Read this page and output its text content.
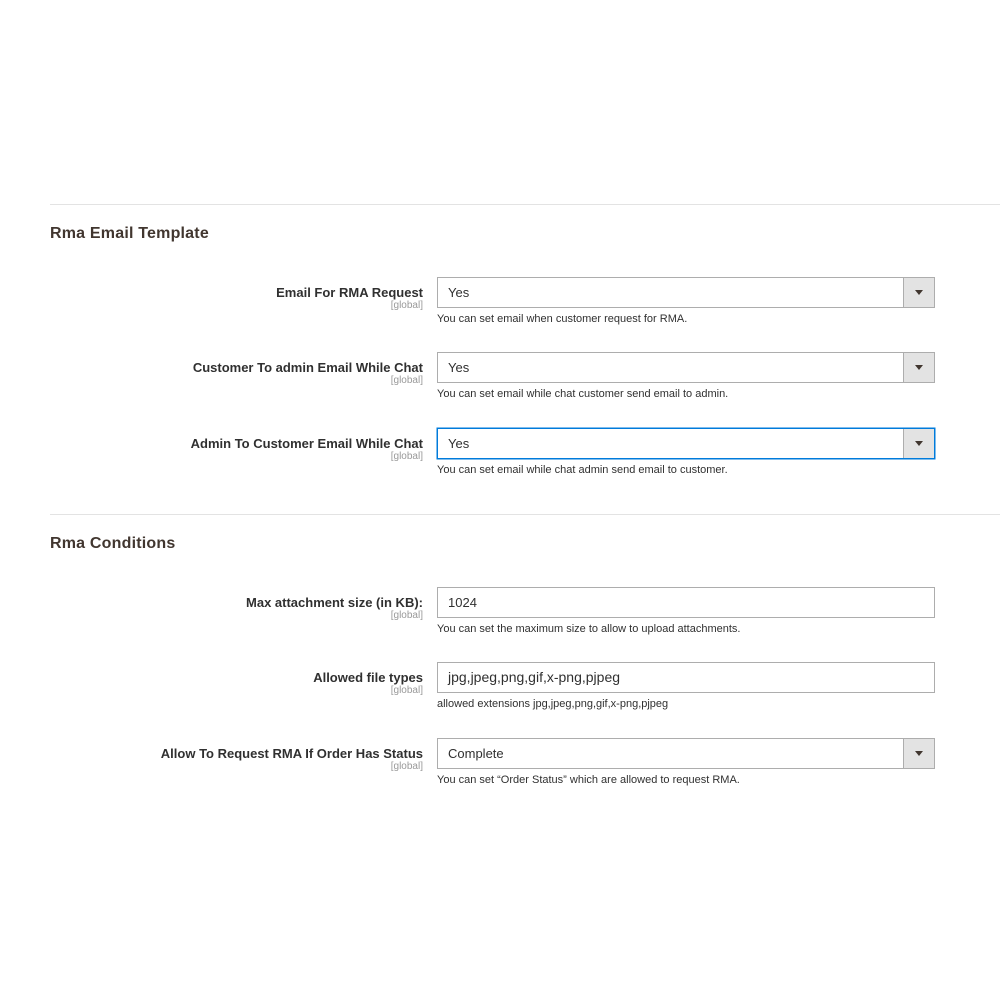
Rma Email Template
Email For RMA Request
[global]
Yes
You can set email when customer request for RMA.
Customer To admin Email While Chat
[global]
Yes
You can set email while chat customer send email to admin.
Admin To Customer Email While Chat
[global]
Yes
You can set email while chat admin send email to customer.
Rma Conditions
Max attachment size (in KB):
[global]
1024
You can set the maximum size to allow to upload attachments.
Allowed file types
[global]
jpg,jpeg,png,gif,x-png,pjpeg
allowed extensions jpg,jpeg,png,gif,x-png,pjpeg
Allow To Request RMA If Order Has Status
[global]
Complete
You can set “Order Status” which are allowed to request RMA.
